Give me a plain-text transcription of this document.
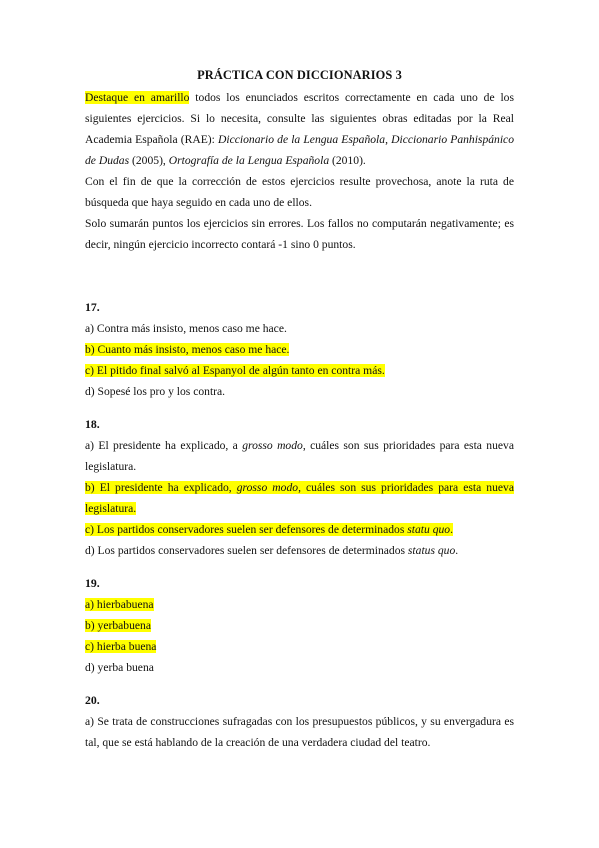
PRÁCTICA CON DICCIONARIOS 3

Destaque en amarillo todos los enunciados escritos correctamente en cada uno de los siguientes ejercicios. Si lo necesita, consulte las siguientes obras editadas por la Real Academia Española (RAE): Diccionario de la Lengua Española, Diccionario Panhispánico de Dudas (2005), Ortografía de la Lengua Española (2010).

Con el fin de que la corrección de estos ejercicios resulte provechosa, anote la ruta de búsqueda que haya seguido en cada uno de ellos.

Solo sumarán puntos los ejercicios sin errores. Los fallos no computarán negativamente; es decir, ningún ejercicio incorrecto contará -1 sino 0 puntos.

17.

a) Contra más insisto, menos caso me hace.

b) Cuanto más insisto, menos caso me hace.

c) El pitido final salvó al Espanyol de algún tanto en contra más.

d) Sopesé los pro y los contra.

18.

a) El presidente ha explicado, a grosso modo, cuáles son sus prioridades para esta nueva legislatura.

b) El presidente ha explicado, grosso modo, cuáles son sus prioridades para esta nueva legislatura.

c) Los partidos conservadores suelen ser defensores de determinados statu quo.

d) Los partidos conservadores suelen ser defensores de determinados status quo.

19.

a) hierbabuena

b) yerbabuena

c) hierba buena

d) yerba buena

20.

a) Se trata de construcciones sufragadas con los presupuestos públicos, y su envergadura es tal, que se está hablando de la creación de una verdadera ciudad del teatro.
